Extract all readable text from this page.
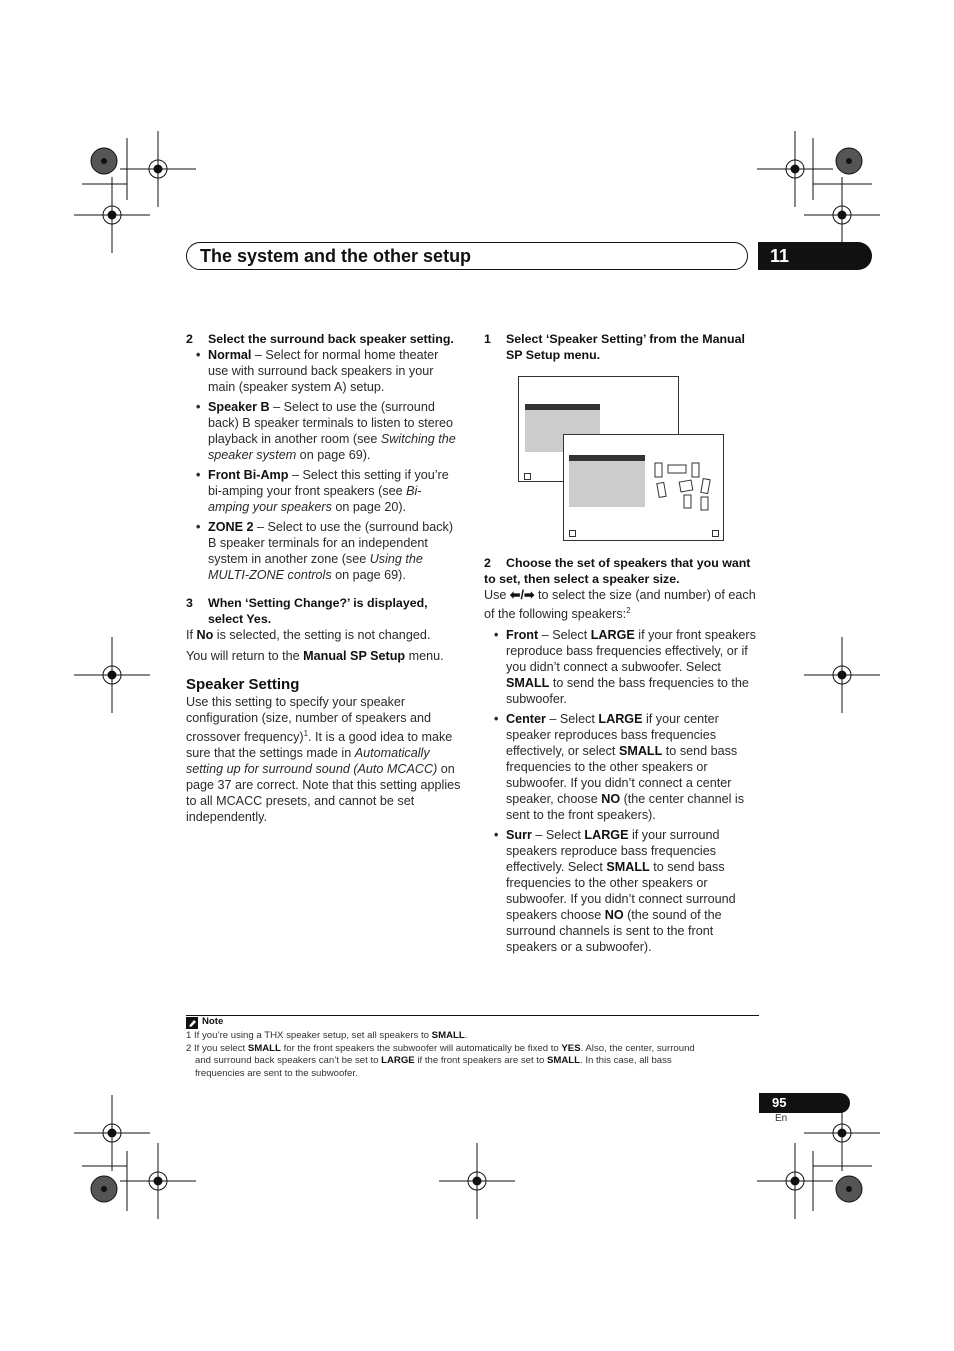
The system and the other setup	11
2 Select the surround back speaker setting.
• Normal – Select for normal home theater use with surround back speakers in your main (speaker system A) setup.
• Speaker B – Select to use the (surround back) B speaker terminals to listen to stereo playback in another room (see Switching the speaker system on page 69).
• Front Bi-Amp – Select this setting if you’re bi-amping your front speakers (see Bi-amping your speakers on page 20).
• ZONE 2 – Select to use the (surround back) B speaker terminals for an independent system in another zone (see Using the MULTI-ZONE controls on page 69).
3	When ‘Setting Change?’ is displayed, select Yes.

If No is selected, the setting is not changed.

You will return to the Manual SP Setup menu.

Speaker Setting

Use this setting to specify your speaker configuration (size, number of speakers and crossover frequency)$^1$. It is a good idea to make sure that the settings made in Automatically setting up for surround sound (Auto MCACC) on page 37 are correct. Note that this setting applies to all MCACC presets, and cannot be set independently.

1	Select ‘Speaker Setting’ from the Manual SP Setup menu.
2 Choose the set of speakers that you want to set, then select a speaker size.

Use ⬅/➡ to select the size (and number) of each of the following speakers:$^2$

• Front – Select LARGE if your front speakers reproduce bass frequencies effectively, or if you didn’t connect a subwoofer. Select SMALL to send the bass frequencies to the subwoofer.
• Center – Select LARGE if your center speaker reproduces bass frequencies effectively, or select SMALL to send bass frequencies to the other speakers or subwoofer. If you didn’t connect a center speaker, choose NO (the center channel is sent to the front speakers).
• Surr – Select LARGE if your surround speakers reproduce bass frequencies effectively. Select SMALL to send bass frequencies to the other speakers or subwoofer. If you didn’t connect surround speakers choose NO (the sound of the surround channels is sent to the front speakers or a subwoofer).
Note
1 If you’re using a THX speaker setup, set all speakers to SMALL.
2 If you select SMALL for the front speakers the subwoofer will automatically be fixed to YES. Also, the center, surround
and surround back speakers can’t be set to LARGE if the front speakers are set to SMALL. In this case, all bass
frequencies are sent to the subwoofer.
95
En
